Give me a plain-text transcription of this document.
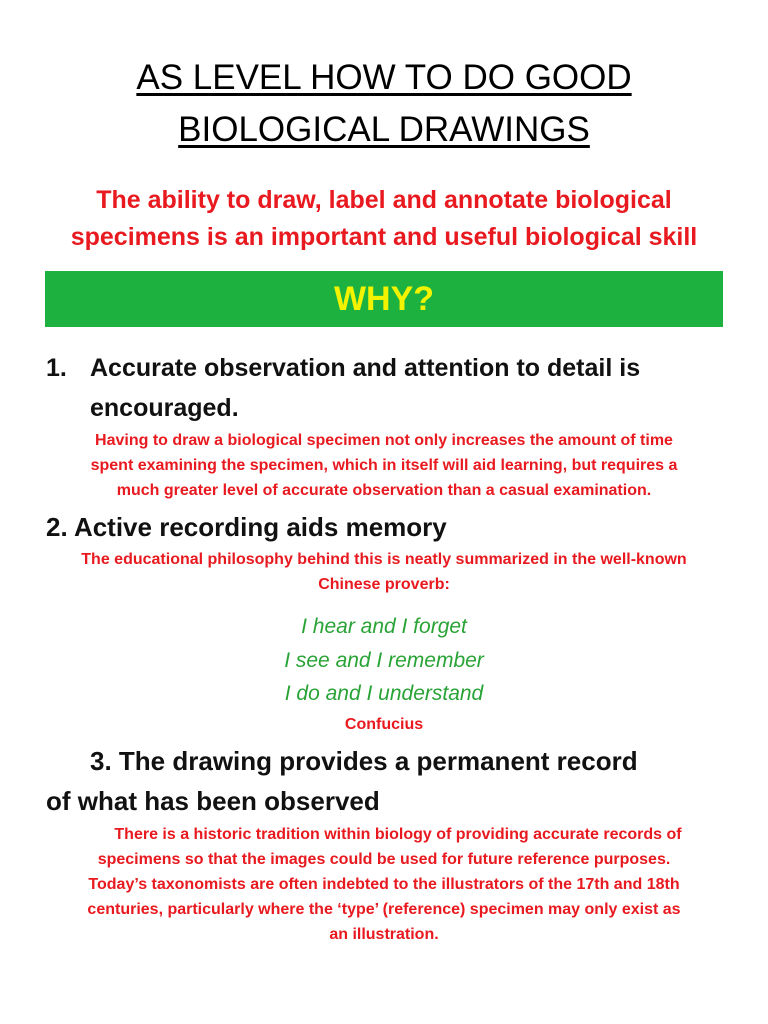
AS LEVEL HOW TO DO GOOD
BIOLOGICAL DRAWINGS

The ability to draw, label and annotate biological
specimens is an important and useful biological skill

WHY?
1. Accurate observation and attention to detail is
encouraged.
Having to draw a biological specimen not only increases the amount of time
spent examining the specimen, which in itself will aid learning, but requires a
much greater level of accurate observation than a casual examination.
2. Active recording aids memory
The educational philosophy behind this is neatly summarized in the well-known
Chinese proverb:
I hear and I forget
I see and I remember
I do and I understand
Confucius
3. The drawing provides a permanent record
of what has been observed
There is a historic tradition within biology of providing accurate records of
specimens so that the images could be used for future reference purposes.
Today’s taxonomists are often indebted to the illustrators of the 17th and 18th
centuries, particularly where the ‘type’ (reference) specimen may only exist as
an illustration.
